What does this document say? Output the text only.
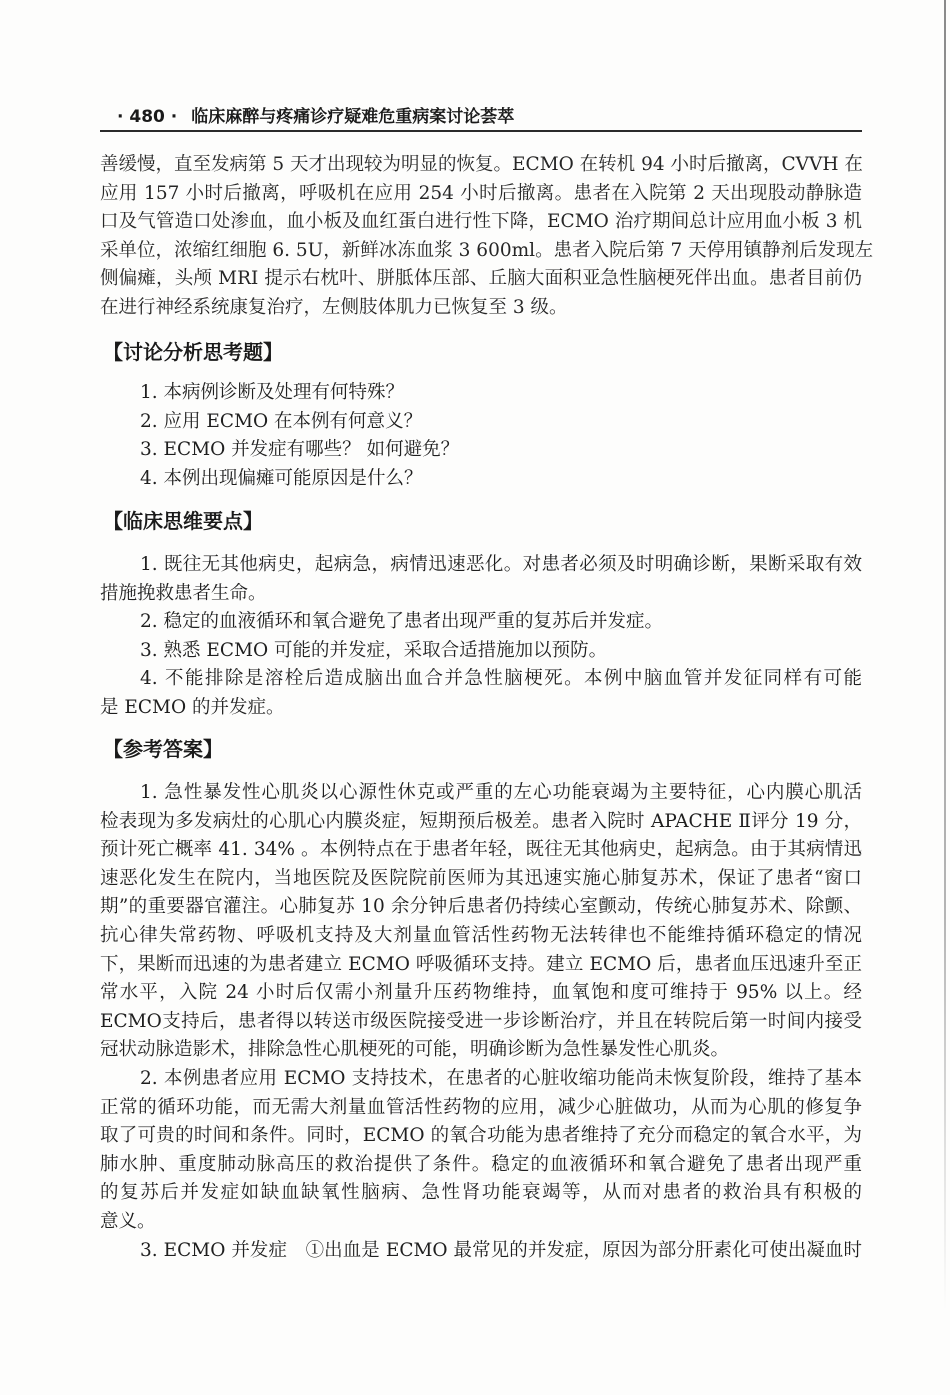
· 480 · 临床麻醉与疼痛诊疗疑难危重病案讨论荟萃
善缓慢，直至发病第 5 天才出现较为明显的恢复。ECMO 在转机 94 小时后撤离，CVVH 在
应用 157 小时后撤离，呼吸机在应用 254 小时后撤离。患者在入院第 2 天出现股动静脉造
口及气管造口处渗血，血小板及血红蛋白进行性下降，ECMO 治疗期间总计应用血小板 3 机
采单位，浓缩红细胞 6. 5U，新鲜冰冻血浆 3 600ml。患者入院后第 7 天停用镇静剂后发现左
侧偏瘫，头颅 MRI 提示右枕叶、胼胝体压部、丘脑大面积亚急性脑梗死伴出血。患者目前仍
在进行神经系统康复治疗，左侧肢体肌力已恢复至 3 级。
【讨论分析思考题】
1. 本病例诊断及处理有何特殊？
2. 应用 ECMO 在本例有何意义？
3. ECMO 并发症有哪些？ 如何避免？
4. 本例出现偏瘫可能原因是什么？
【临床思维要点】
1. 既往无其他病史，起病急，病情迅速恶化。对患者必须及时明确诊断，果断采取有效
措施挽救患者生命。
2. 稳定的血液循环和氧合避免了患者出现严重的复苏后并发症。
3. 熟悉 ECMO 可能的并发症，采取合适措施加以预防。
4. 不能排除是溶栓后造成脑出血合并急性脑梗死。本例中脑血管并发征同样有可能
是 ECMO 的并发症。
【参考答案】
1. 急性暴发性心肌炎以心源性休克或严重的左心功能衰竭为主要特征，心内膜心肌活
检表现为多发病灶的心肌心内膜炎症，短期预后极差。患者入院时 APACHE Ⅱ评分 19 分，
预计死亡概率 41. 34% 。本例特点在于患者年轻，既往无其他病史，起病急。由于其病情迅
速恶化发生在院内，当地医院及医院院前医师为其迅速实施心肺复苏术，保证了患者“窗口
期”的重要器官灌注。心肺复苏 10 余分钟后患者仍持续心室颤动，传统心肺复苏术、除颤、
抗心律失常药物、呼吸机支持及大剂量血管活性药物无法转律也不能维持循环稳定的情况
下，果断而迅速的为患者建立 ECMO 呼吸循环支持。建立 ECMO 后，患者血压迅速升至正
常水平，入院 24 小时后仅需小剂量升压药物维持，血氧饱和度可维持于 95% 以上。经
ECMO支持后，患者得以转送市级医院接受进一步诊断治疗，并且在转院后第一时间内接受
冠状动脉造影术，排除急性心肌梗死的可能，明确诊断为急性暴发性心肌炎。
2. 本例患者应用 ECMO 支持技术，在患者的心脏收缩功能尚未恢复阶段，维持了基本
正常的循环功能，而无需大剂量血管活性药物的应用，减少心脏做功，从而为心肌的修复争
取了可贵的时间和条件。同时，ECMO 的氧合功能为患者维持了充分而稳定的氧合水平，为
肺水肿、重度肺动脉高压的救治提供了条件。稳定的血液循环和氧合避免了患者出现严重
的复苏后并发症如缺血缺氧性脑病、急性肾功能衰竭等，从而对患者的救治具有积极的
意义。
3. ECMO 并发症　①出血是 ECMO 最常见的并发症，原因为部分肝素化可使出凝血时
